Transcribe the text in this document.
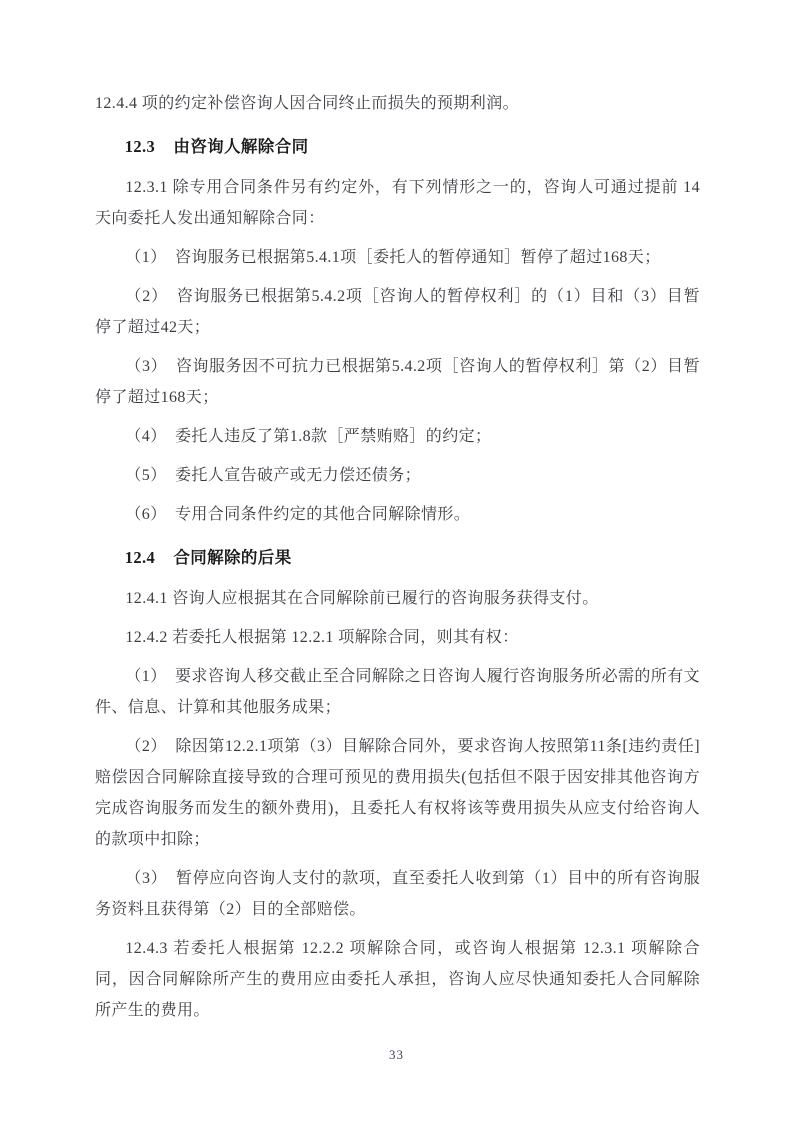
12.4.4 项的约定补偿咨询人因合同终止而损失的预期利润。

12.3 由咨询人解除合同

12.3.1 除专用合同条件另有约定外，有下列情形之一的，咨询人可通过提前 14 天向委托人发出通知解除合同：

（1）　咨询服务已根据第5.4.1项［委托人的暂停通知］暂停了超过168天；

（2）　咨询服务已根据第5.4.2项［咨询人的暂停权利］的（1）目和（3）目暂停了超过42天；

（3）　咨询服务因不可抗力已根据第5.4.2项［咨询人的暂停权利］第（2）目暂停了超过168天；

（4）　委托人违反了第1.8款［严禁贿赂］的约定；

（5）　委托人宣告破产或无力偿还债务；

（6）　专用合同条件约定的其他合同解除情形。

12.4 合同解除的后果

12.4.1 咨询人应根据其在合同解除前已履行的咨询服务获得支付。

12.4.2 若委托人根据第 12.2.1 项解除合同，则其有权：

（1）　要求咨询人移交截止至合同解除之日咨询人履行咨询服务所必需的所有文件、信息、计算和其他服务成果；

（2）　除因第12.2.1项第（3）目解除合同外，要求咨询人按照第11条[违约责任]赔偿因合同解除直接导致的合理可预见的费用损失(包括但不限于因安排其他咨询方完成咨询服务而发生的额外费用)，且委托人有权将该等费用损失从应支付给咨询人的款项中扣除；

（3）　暂停应向咨询人支付的款项，直至委托人收到第（1）目中的所有咨询服务资料且获得第（2）目的全部赔偿。

12.4.3 若委托人根据第 12.2.2 项解除合同，或咨询人根据第 12.3.1 项解除合同，因合同解除所产生的费用应由委托人承担，咨询人应尽快通知委托人合同解除所产生的费用。

33
